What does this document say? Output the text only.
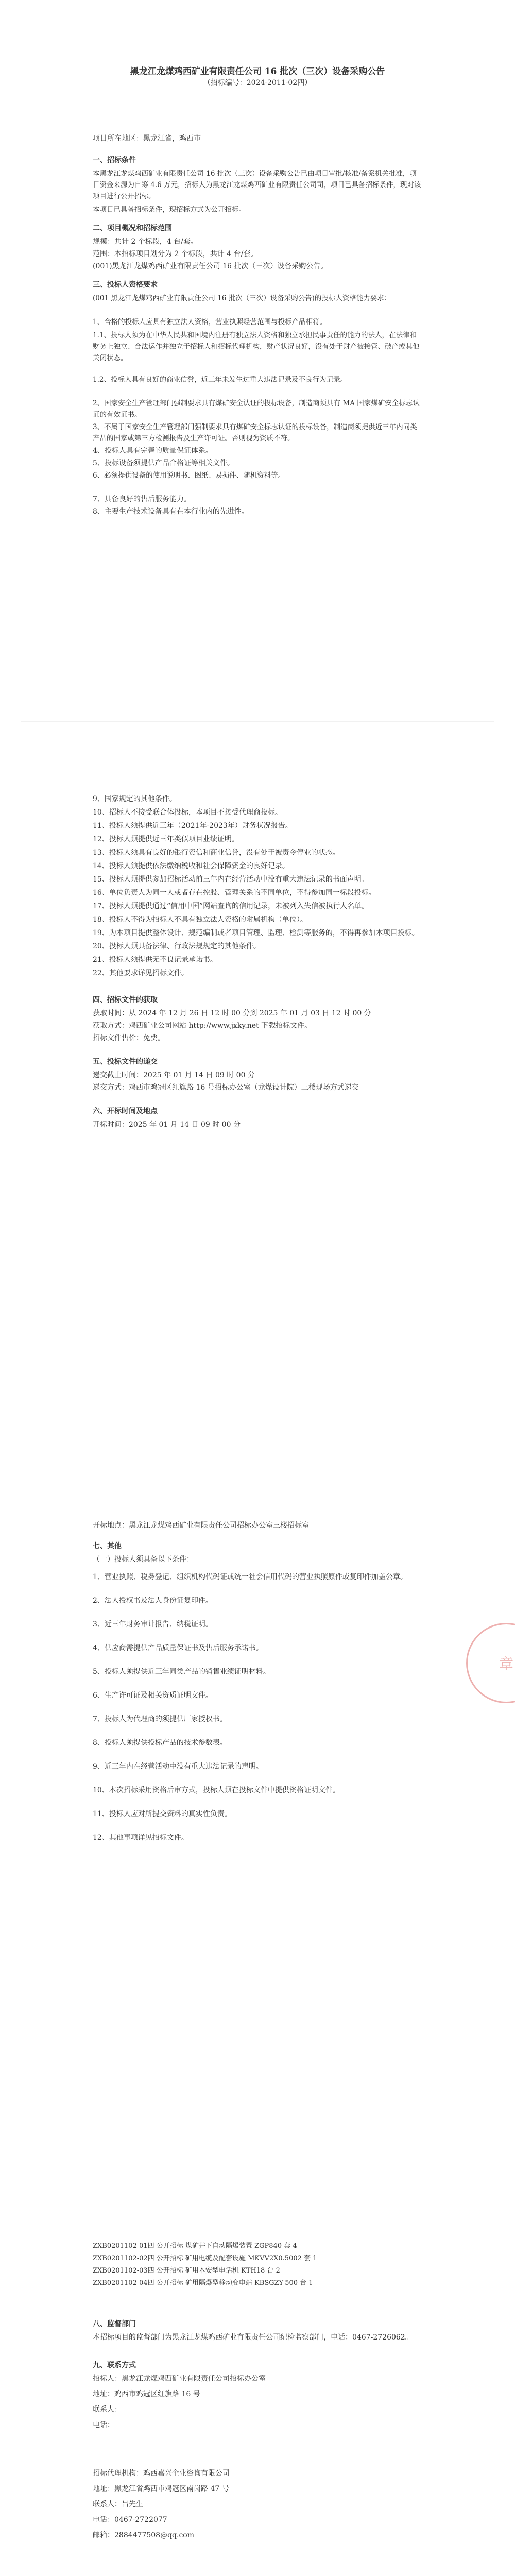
黑龙江龙煤鸡西矿业有限责任公司 16 批次（三次）设备采购公告
（招标编号：2024-2011-02四）
项目所在地区：黑龙江省，鸡西市
一、招标条件
本黑龙江龙煤鸡西矿业有限责任公司 16 批次（三次）设备采购公告已由项目审批/核准/备案机关批准，项目资金来源为自筹 4.6 万元，招标人为黑龙江龙煤鸡西矿业有限责任公司司，项目已具备招标条件，现对该项目进行公开招标。
本项目已具备招标条件，现招标方式为公开招标。
二、项目概况和招标范围
规模：共计 2 个标段，4 台/套。
范围：本招标项目划分为 2 个标段，共计 4 台/套。
(001)黑龙江龙煤鸡西矿业有限责任公司 16 批次（三次）设备采购公告。
三、投标人资格要求
(001 黑龙江龙煤鸡西矿业有限责任公司 16 批次（三次）设备采购公告)的投标人资格能力要求：
1、合格的投标人应具有独立法人资格，营业执照经营范围与投标产品相符。
1.1、投标人须为在中华人民共和国境内注册有独立法人资格和独立承担民事责任的能力的法人，在法律和财务上独立、合法运作并独立于招标人和招标代理机构，财产状况良好，没有处于财产被接管、破产或其他关闭状态。
1.2、投标人具有良好的商业信誉，近三年未发生过重大违法记录及不良行为记录。
2、国家安全生产管理部门强制要求具有煤矿安全认证的投标设备，制造商须具有 MA 国家煤矿安全标志认证的有效证书。
3、不属于国家安全生产管理部门强制要求具有煤矿安全标志认证的投标设备，制造商须提供近三年内同类产品的国家或第三方检测报告及生产许可证。否则视为资质不符。
4、投标人具有完善的质量保证体系。
5、投标设备须提供产品合格证等相关文件。
6、必须提供设备的使用说明书、图纸、易损件、随机资料等。
7、具备良好的售后服务能力。
8、主要生产技术设备具有在本行业内的先进性。
9、国家规定的其他条件。
10、招标人不接受联合体投标，本项目不接受代理商投标。
11、投标人须提供近三年（2021年-2023年）财务状况报告。
12、投标人须提供近三年类似项目业绩证明。
13、投标人须具有良好的银行资信和商业信誉，没有处于被责令停业的状态。
14、投标人须提供依法缴纳税收和社会保障资金的良好记录。
15、投标人须提供参加招标活动前三年内在经营活动中没有重大违法记录的书面声明。
16、单位负责人为同一人或者存在控股、管理关系的不同单位，不得参加同一标段投标。
17、投标人须提供通过“信用中国”网站查询的信用记录，未被列入失信被执行人名单。
18、投标人不得为招标人不具有独立法人资格的附属机构（单位）。
19、为本项目提供整体设计、规范编制或者项目管理、监理、检测等服务的，不得再参加本项目投标。
20、投标人须具备法律、行政法规规定的其他条件。
21、投标人须提供无不良记录承诺书。
22、其他要求详见招标文件。
四、招标文件的获取
获取时间：从 2024 年 12 月 26 日 12 时 00 分到 2025 年 01 月 03 日 12 时 00 分
获取方式：鸡西矿业公司网站 http://www.jxky.net 下载招标文件。
招标文件售价：免费。
五、投标文件的递交
递交截止时间：2025 年 01 月 14 日 09 时 00 分
递交方式：鸡西市鸡冠区红旗路 16 号招标办公室（龙煤设计院）三楼现场方式递交
六、开标时间及地点
开标时间：2025 年 01 月 14 日 09 时 00 分
开标地点：黑龙江龙煤鸡西矿业有限责任公司招标办公室三楼招标室
七、其他
（一）投标人须具备以下条件：
1、营业执照、税务登记、组织机构代码证或统一社会信用代码的营业执照原件或复印件加盖公章。
2、法人授权书及法人身份证复印件。
3、近三年财务审计报告、纳税证明。
4、供应商需提供产品质量保证书及售后服务承诺书。
5、投标人须提供近三年同类产品的销售业绩证明材料。
6、生产许可证及相关资质证明文件。
7、投标人为代理商的须提供厂家授权书。
8、投标人须提供投标产品的技术参数表。
9、近三年内在经营活动中没有重大违法记录的声明。
10、本次招标采用资格后审方式，投标人须在投标文件中提供资格证明文件。
11、投标人应对所提交资料的真实性负责。
12、其他事项详见招标文件。
章
ZXB0201102-01四 公开招标 煤矿井下自动隔爆装置 ZGP840 套 4
ZXB0201102-02四 公开招标 矿用电缆及配套设施 MKVV2X0.5002 套 1
ZXB0201102-03四 公开招标 矿用本安型电话机 KTH18 台 2
ZXB0201102-04四 公开招标 矿用隔爆型移动变电站 KBSGZY-500 台 1
八、监督部门
本招标项目的监督部门为黑龙江龙煤鸡西矿业有限责任公司纪检监察部门，电话：0467-2726062。
九、联系方式
招标人：黑龙江龙煤鸡西矿业有限责任公司招标办公室
地址：鸡西市鸡冠区红旗路 16 号
联系人：
电话：
招标代理机构：鸡西嘉兴企业咨询有限公司
地址：黑龙江省鸡西市鸡冠区南岗路 47 号
联系人：吕先生
电话：0467-2722077
邮箱：2884477508@qq.com
